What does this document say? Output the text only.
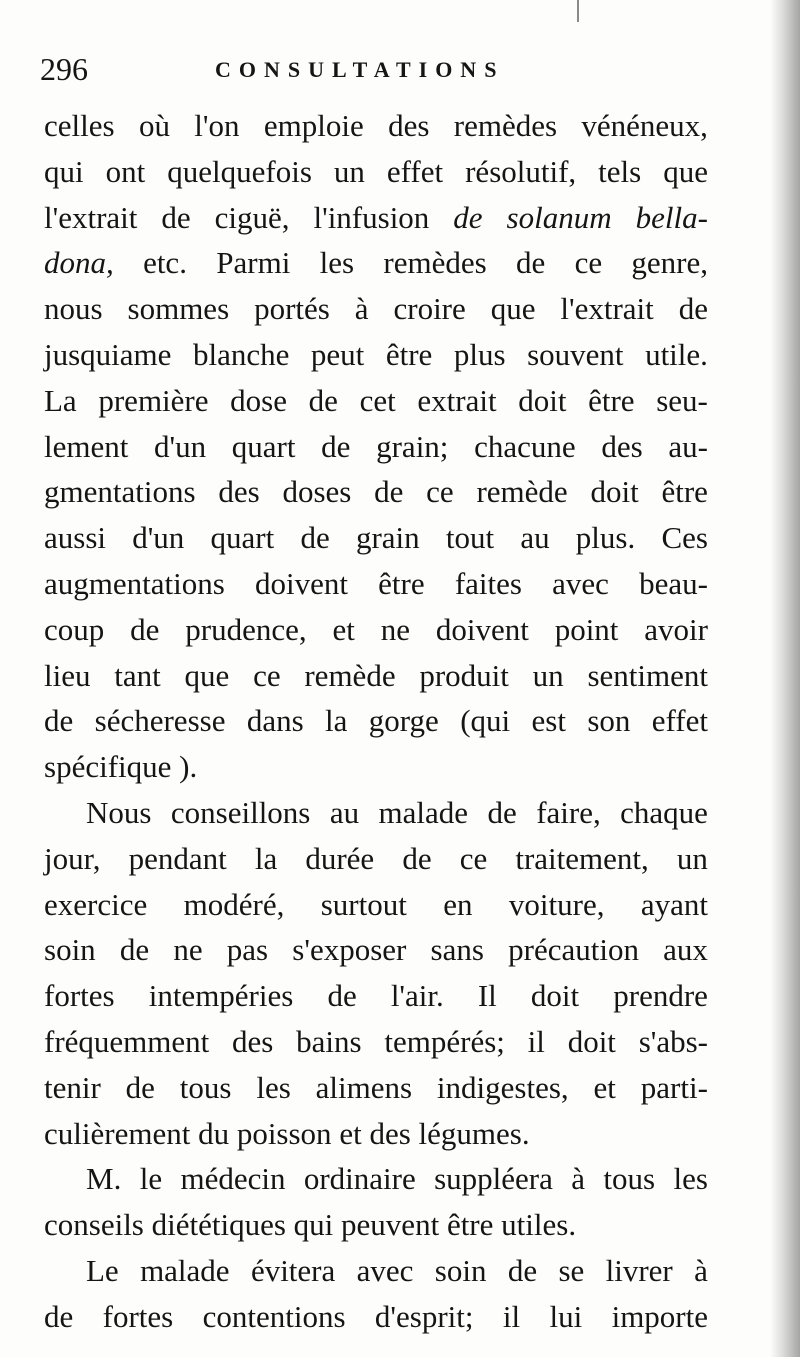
296	CONSULTATIONS
celles où l'on emploie des remèdes vénéneux,
qui ont quelquefois un effet résolutif, tels que
l'extrait de ciguë, l'infusion de solanum bella-
dona, etc. Parmi les remèdes de ce genre,
nous sommes portés à croire que l'extrait de
jusquiame blanche peut être plus souvent utile.
La première dose de cet extrait doit être seu-
lement d'un quart de grain; chacune des au-
gmentations des doses de ce remède doit être
aussi d'un quart de grain tout au plus. Ces
augmentations doivent être faites avec beau-
coup de prudence, et ne doivent point avoir
lieu tant que ce remède produit un sentiment
de sécheresse dans la gorge (qui est son effet
spécifique
).
Nous conseillons au malade de faire, chaque
jour, pendant la durée de ce traitement, un
exercice modéré, surtout en voiture, ayant
soin de ne pas s'exposer sans précaution aux
fortes intempéries de l'air. Il doit prendre
fréquemment des bains tempérés; il doit s'abs-
tenir de tous les alimens indigestes, et parti-
culièrement
du
poisson
et
des
légumes.
M. le médecin ordinaire suppléera à tous les
conseils
diététiques
qui
peuvent
être
utiles.
Le malade évitera avec soin de se livrer à
de fortes contentions d'esprit; il lui importe
